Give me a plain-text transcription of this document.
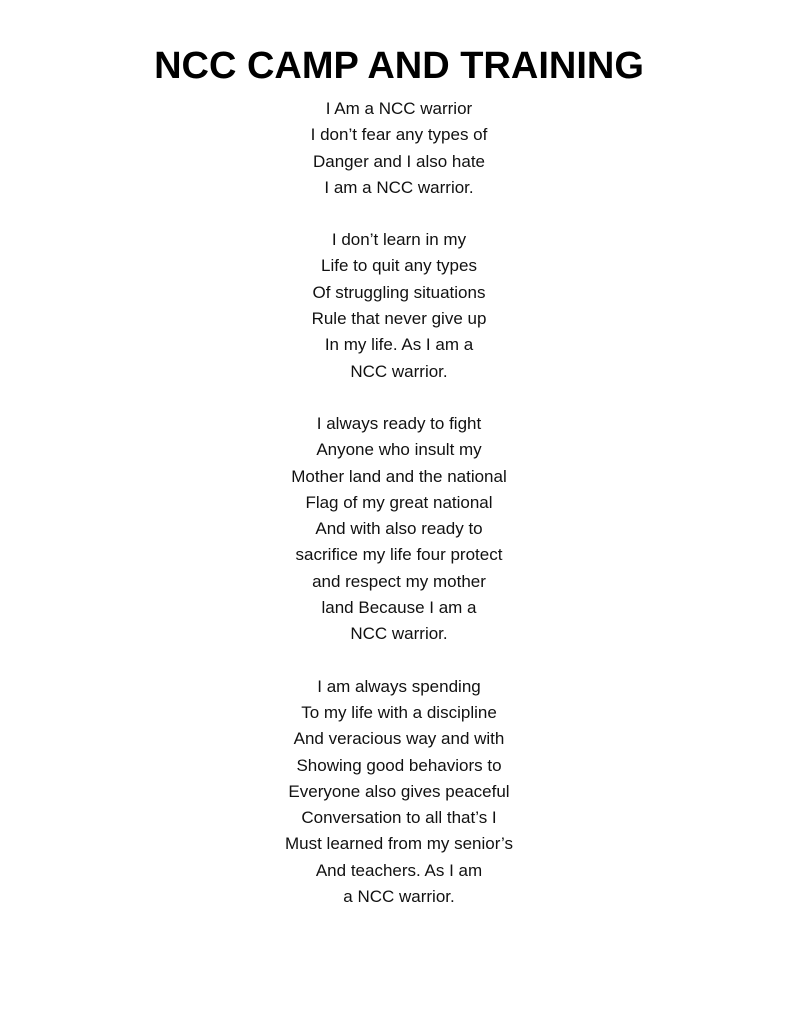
NCC CAMP AND TRAINING
I Am a NCC warrior
I don’t fear any types of
Danger and I also hate
I am a NCC warrior.
I don’t learn in my
Life to quit any types
Of struggling situations
Rule that never give up
In my life. As I am a
NCC warrior.
I always ready to fight
Anyone who insult my
Mother land and the national
Flag of my great national
And with also ready to
sacrifice my life four protect
and respect my mother
land Because I am a
NCC warrior.
I am always spending
To my life with a discipline
And veracious way and with
Showing good behaviors to
Everyone also gives peaceful
Conversation to all that’s I
Must learned from my senior’s
And teachers. As I am
a NCC warrior.
